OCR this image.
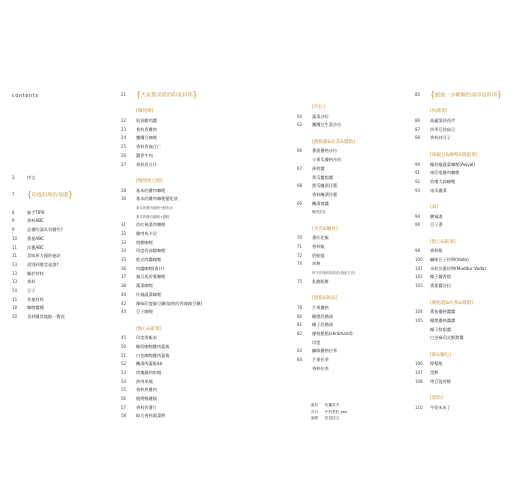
contents
2	序言
7	{印度料理的基礎}
8	新手TIPS
9	香料ABC
9	必備的器具有哪些?
10	番茄ABC
11	洋蔥ABC
11	美味異方國的祕訣
13	道別到歷恋是誰?
13	關於材料
13	香料
14	豆子
15	其他材料
18	咖哩醬種
20	食材購買地點一覽表
21	{大家都喜愛的印度料理}
[咖哩類]
22	奶油雞肉醬
23	香料煮雞肉
24	鷹嘴豆咖哩
25	香料煮豌豆仁
26	醬煮牛肉
27	香料煮豆仔
[咖哩與豆咖]
28	基本的雞肉咖哩
30	基本的雞肉咖哩變化款
基本的雞肉咖哩+鮮奶油
基本的雞肉咖哩+優格
31	西紅柿菜肉咖哩
32	雞肉馬卡尼
33	明蝦咖哩
34	印度西部燉咖哩
35	乾式肉醬咖哩
36	肉醬咖哩(香汁)
37	豌豆馬鈴薯咖哩
38	蔬菜咖哩
40	什錦蔬菜咖哩
42	辣味印度綠豆糊(如照的秀辣辣豆糊)
44	豆子咖哩
[點心&飯菜]
45	印度香飯米
50	椰奶咖哩雞肉蓋飯
51	白色咖哩雞肉蓋飯
52	醃漬肉蓋飯$$
53	肉塊鍋肉串燒
54	炒肉串燒
55	香料煎雞肉
56	燒烤鴨雞腿
57	香料炸薯片
58	綜合香料蔬菜餅
[沙拉]
64	蔬菜沙拉
63	鷹嘴豆生菜沙拉
[優格醬&拉茶&醬類]
66	番茄優格沙拉
小黃瓜優格沙拉
67	薄荷醬
黃瓜醬甜醬
68	甜瓜醃漬洋蔥
香料醃漬洋蔥
69	醃漬辣醬
醃漬香蒜
[米食&麵食]
70	番紅花飯
71	香料飯
72	恰帕提
74	炸餅
烤手炸薄餅的做法(塊狀方法)
75	乳酪餡餅
[甜點&飲品]
78	芒果優格
80	椰漿乳酪球
81	椰子乳酪球
82	優格甜點(shrikhand)
印度
83	鹹味優格拉茶
84	芒果拉茶
香料拉茶
85	{想進一步瞭解的南印度料理}
[炒蔬菜]
86	高麗菜炒西芹
87	四季豆炒扁豆
88	香料炒豆子
[辣椒豆&咖哩&燉蔬菜]
90	椰奶燉蔬菜咖哩(Aviyal)
91	南印度雞肉咖哩
92	咕嚕大蒜咖哩
93	南瓜優菜
[湯]
94	酸辣湯
96	豆子湯
[點心&飯菜]
98	香料飯
100	鹹味豆子炸餅(Vada)
101	米粒洋蔥炸餅(Maddur Vada)
102	椰子醬香甜
103	番茄醬沙拉
[優格醬&拉茶&醬類]
104	番茄優格醬醬
105	椰漿優格醬醬
椰子鮮甜醬
白芝麻印式鮮甜醬
[飯&麵包]
106	檸檬飯
107	蛋餅
108	烤豆蔻煎餅
[甜點]
110	牛奶米布丁
攝影 佐藤武夫
設計 中村景旺 yen
編輯 佐見玟文
